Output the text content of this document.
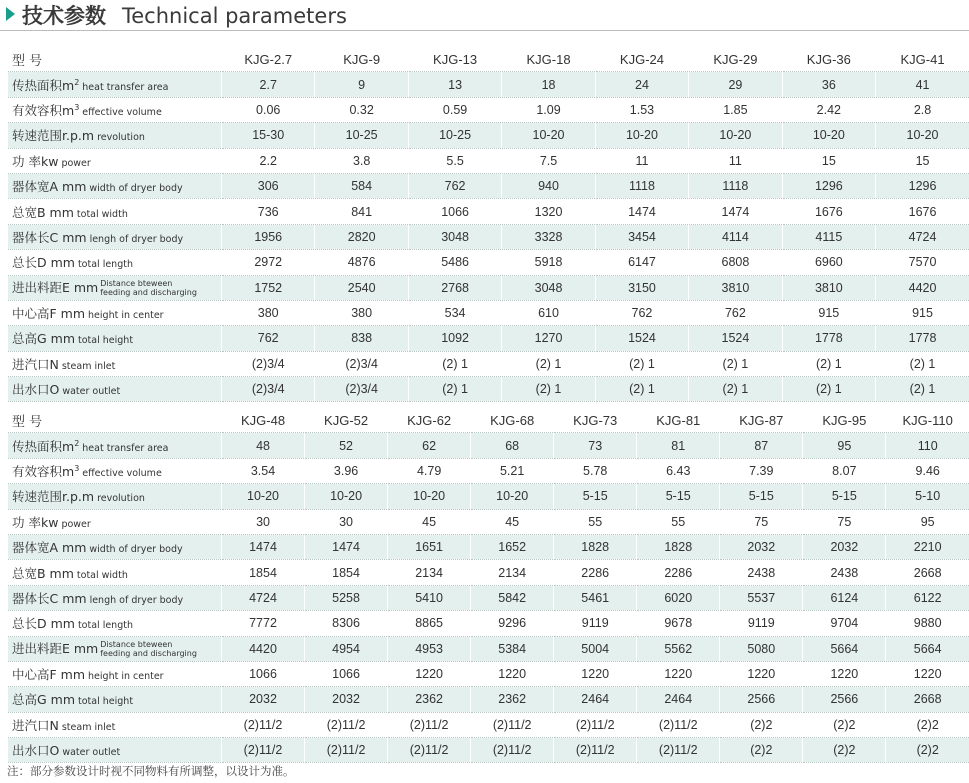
技术参数 Technical parameters
型 号	KJG-2.7	KJG-9	KJG-13	KJG-18	KJG-24	KJG-29	KJG-36	KJG-41
传热面积$m^2$ heat transfer area	2.7	9	13	18	24	29	36	41
有效容积$m^3$ effective volume	0.06	0.32	0.59	1.09	1.53	1.85	2.42	2.8
转速范围r.p.m revolution	15-30	10-25	10-25	10-20	10-20	10-20	10-20	10-20
功 率kw power	2.2	3.8	5.5	7.5	11	11	15	15
器体宽A mm width of dryer body	306	584	762	940	1118	1118	1296	1296
总宽B mm total width	736	841	1066	1320	1474	1474	1676	1676
器体长C mm lengh of dryer body	1956	2820	3048	3328	3454	4114	4115	4724
总长D mm total length	2972	4876	5486	5918	6147	6808	6960	7570
进出料距E mm Distance btewe​en
feeding and discharging	1752	2540	2768	3048	3150	3810	3810	4420
中心高F mm height in center	380	380	534	610	762	762	915	915
总高G mm total height	762	838	1092	1270	1524	1524	1778	1778
进汽口N steam inlet	(2)3/4	(2)3/4	(2) 1	(2) 1	(2) 1	(2) 1	(2) 1	(2) 1
出水口O water outlet	(2)3/4	(2)3/4	(2) 1	(2) 1	(2) 1	(2) 1	(2) 1	(2) 1
型 号	KJG-48	KJG-52	KJG-62	KJG-68	KJG-73	KJG-81	KJG-87	KJG-95	KJG-110
传热面积$m^2$ heat transfer area	48	52	62	68	73	81	87	95	110
有效容积$m^3$ effective volume	3.54	3.96	4.79	5.21	5.78	6.43	7.39	8.07	9.46
转速范围r.p.m revolution	10-20	10-20	10-20	10-20	5-15	5-15	5-15	5-15	5-10
功 率kw power	30	30	45	45	55	55	75	75	95
器体宽A mm width of dryer body	1474	1474	1651	1652	1828	1828	2032	2032	2210
总宽B mm total width	1854	1854	2134	2134	2286	2286	2438	2438	2668
器体长C mm lengh of dryer body	4724	5258	5410	5842	5461	6020	5537	6124	6122
总长D mm total length	7772	8306	8865	9296	9119	9678	9119	9704	9880
进出料距E mm Distance btewe​en
feeding and discharging	4420	4954	4953	5384	5004	5562	5080	5664	5664
中心高F mm height in center	1066	1066	1220	1220	1220	1220	1220	1220	1220
总高G mm total height	2032	2032	2362	2362	2464	2464	2566	2566	2668
进汽口N steam inlet	(2)11/2	(2)11/2	(2)11/2	(2)11/2	(2)11/2	(2)11/2	(2)2	(2)2	(2)2
出水口O water outlet	(2)11/2	(2)11/2	(2)11/2	(2)11/2	(2)11/2	(2)11/2	(2)2	(2)2	(2)2
注：部分参数设计时视不同物料有所调整，以设计为准。
